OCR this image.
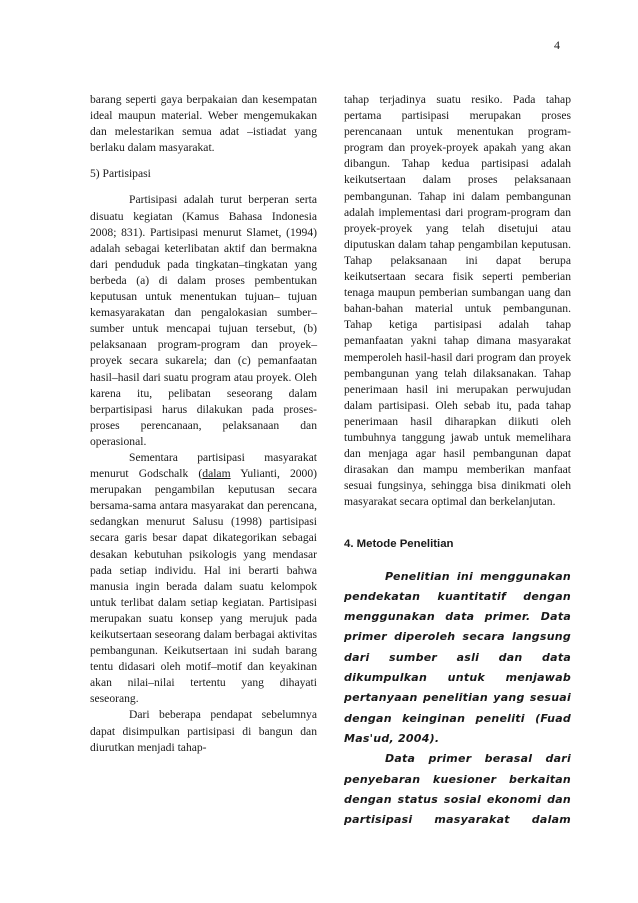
4

barang seperti gaya berpakaian dan kesempatan ideal maupun material. Weber mengemukakan dan melestarikan semua adat –istiadat yang berlaku dalam masyarakat.

5) Partisipasi

Partisipasi adalah turut berperan serta disuatu kegiatan (Kamus Bahasa Indonesia 2008; 831). Partisipasi menurut Slamet, (1994) adalah sebagai keterlibatan aktif dan bermakna dari penduduk pada tingkatan–tingkatan yang berbeda (a) di dalam proses pembentukan keputusan untuk menentukan tujuan– tujuan kemasyarakatan dan pengalokasian sumber–sumber untuk mencapai tujuan tersebut, (b) pelaksanaan program-program dan proyek–proyek secara sukarela; dan (c) pemanfaatan hasil–hasil dari suatu program atau proyek. Oleh karena itu, pelibatan seseorang dalam berpartisipasi harus dilakukan pada proses-proses perencanaan, pelaksanaan dan operasional.

Sementara partisipasi masyarakat menurut Godschalk (dalam Yulianti, 2000) merupakan pengambilan keputusan secara bersama-sama antara masyarakat dan perencana, sedangkan menurut Salusu (1998) partisipasi secara garis besar dapat dikategorikan sebagai desakan kebutuhan psikologis yang mendasar pada setiap individu. Hal ini berarti bahwa manusia ingin berada dalam suatu kelompok untuk terlibat dalam setiap kegiatan. Partisipasi merupakan suatu konsep yang merujuk pada keikutsertaan seseorang dalam berbagai aktivitas pembangunan. Keikutsertaan ini sudah barang tentu didasari oleh motif–motif dan keyakinan akan nilai–nilai tertentu yang dihayati seseorang.

Dari beberapa pendapat sebelumnya dapat disimpulkan partisipasi di bangun dan diurutkan menjadi tahap-

tahap terjadinya suatu resiko. Pada tahap pertama partisipasi merupakan proses perencanaan untuk menentukan program-program dan proyek-proyek apakah yang akan dibangun. Tahap kedua partisipasi adalah keikutsertaan dalam proses pelaksanaan pembangunan. Tahap ini dalam pembangunan adalah implementasi dari program-program dan proyek-proyek yang telah disetujui atau diputuskan dalam tahap pengambilan keputusan. Tahap pelaksanaan ini dapat berupa keikutsertaan secara fisik seperti pemberian tenaga maupun pemberian sumbangan uang dan bahan-bahan material untuk pembangunan. Tahap ketiga partisipasi adalah tahap pemanfaatan yakni tahap dimana masyarakat memperoleh hasil-hasil dari program dan proyek pembangunan yang telah dilaksanakan. Tahap penerimaan hasil ini merupakan perwujudan dalam partisipasi. Oleh sebab itu, pada tahap penerimaan hasil diharapkan diikuti oleh tumbuhnya tanggung jawab untuk memelihara dan menjaga agar hasil pembangunan dapat dirasakan dan mampu memberikan manfaat sesuai fungsinya, sehingga bisa dinikmati oleh masyarakat secara optimal dan berkelanjutan.

4. Metode Penelitian

Penelitian ini menggunakan pendekatan kuantitatif dengan menggunakan data primer. Data primer diperoleh secara langsung dari sumber asli dan data dikumpulkan untuk menjawab pertanyaan penelitian yang sesuai dengan keinginan peneliti (Fuad Mas'ud, 2004).

Data primer berasal dari penyebaran kuesioner berkaitan dengan status sosial ekonomi dan partisipasi masyarakat dalam
